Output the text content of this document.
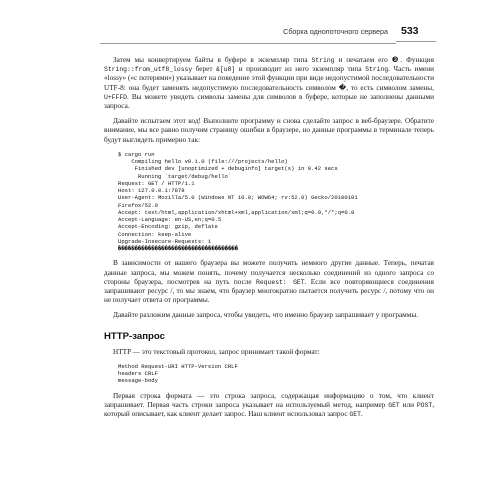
Сборка однопоточного сервера	533

Затем мы конвертируем байты в буфере в экземпляр типа String и печатаем его ❸. Функция String::from_utf8_lossy берет &[u8] и производит из него экземпляр типа String. Часть имени «lossy» («с потерями») указывает на поведение этой функции при виде недопустимой последовательности UTF-8: она будет заменять недопустимую последовательность символом �, то есть символом замены, U+FFFD. Вы можете увидеть символы замены для символов в буфере, которые не заполнены данными запроса.

Давайте испытаем этот код! Выполните программу и снова сделайте запрос в веб-браузере. Обратите внимание, мы все равно получим страницу ошибки в браузере, но данные программы в терминале теперь будут выглядеть примерно так:

$ cargo run
Compiling hello v0.1.0 (file:///projects/hello)
Finished dev [unoptimized + debuginfo] target(s) in 0.42 secs
Running `target/debug/hello`
Request: GET / HTTP/1.1
Host: 127.0.0.1:7878
User-Agent: Mozilla/5.0 (Windows NT 10.0; WOW64; rv:52.0) Gecko/20100101
Firefox/52.0
Accept: text/html,application/xhtml+xml,application/xml;q=0.9,*/*;q=0.8
Accept-Language: en-US,en;q=0.5
Accept-Encoding: gzip, deflate
Connection: keep-alive
Upgrade-Insecure-Requests: 1
������������������������������������

В зависимости от вашего браузера вы можете получить немного другие данные. Теперь, печатая данные запроса, мы можем понять, почему получается несколько соединений из одного запроса со стороны браузера, посмотрев на путь после Request: GET. Если все повторяющиеся соединения запрашивают ресурс /, то мы знаем, что браузер многократно пытается получить ресурс /, потому что он не получает ответа от программы.

Давайте разложим данные запроса, чтобы увидеть, что именно браузер запрашивает у программы.

HTTP-запрос

HTTP — это текстовый протокол, запрос принимает такой формат:

Method Request-URI HTTP-Version CRLF
headers CRLF
message-body

Первая строка формата — это строка запроса, содержащая информацию о том, что клиент запрашивает. Первая часть строки запроса указывает на используемый метод, например GET или POST, который описывает, как клиент делает запрос. Наш клиент использовал запрос GET.
